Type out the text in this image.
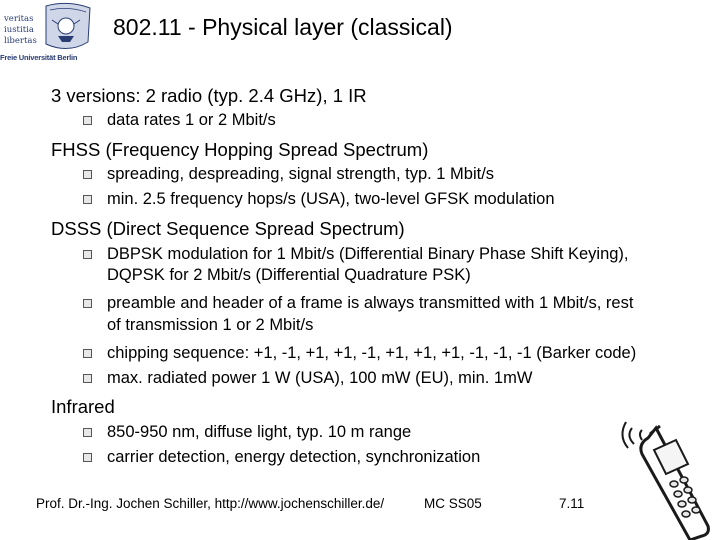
veritas
iustitia
libertas
Freie Universität Berlin
802.11 - Physical layer (classical)
3 versions: 2 radio (typ. 2.4 GHz), 1 IR
data rates 1 or 2 Mbit/s
FHSS (Frequency Hopping Spread Spectrum)
spreading, despreading, signal strength, typ. 1 Mbit/s
min. 2.5 frequency hops/s (USA), two-level GFSK modulation
DSSS (Direct Sequence Spread Spectrum)
DBPSK modulation for 1 Mbit/s (Differential Binary Phase Shift Keying),
DQPSK for 2 Mbit/s (Differential Quadrature PSK)
preamble and header of a frame is always transmitted with 1 Mbit/s, rest
of transmission 1 or 2 Mbit/s
chipping sequence: +1, -1, +1, +1, -1, +1, +1, +1, -1, -1, -1 (Barker code)
max. radiated power 1 W (USA), 100 mW (EU), min. 1mW
Infrared
850-950 nm, diffuse light, typ. 10 m range
carrier detection, energy detection, synchronization
Prof. Dr.-Ing. Jochen Schiller, http://www.jochenschiller.de/	MC SS05	7.11
